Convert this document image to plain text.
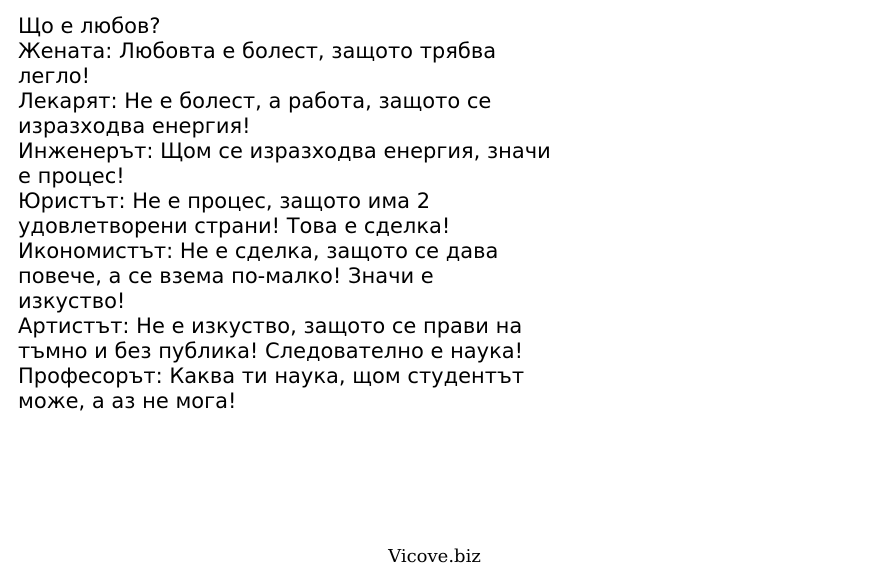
Що е любов?
Жената: Любовта е болест, защото трябва
легло!
Лекарят: Не е болест, а работа, защото се
изразходва енергия!
Инженерът: Щом се изразходва енергия, значи
е процес!
Юристът: Не е процес, защото има 2
удовлетворени страни! Това е сделка!
Икономистът: Не е сделка, защото се дава
повече, а се взема по-малко! Значи е
изкуство!
Артистът: Не е изкуство, защото се прави на
тъмно и без публика! Следователно е наука!
Професорът: Каква ти наука, щом студентът
може, а аз не мога!
Vicove.biz
